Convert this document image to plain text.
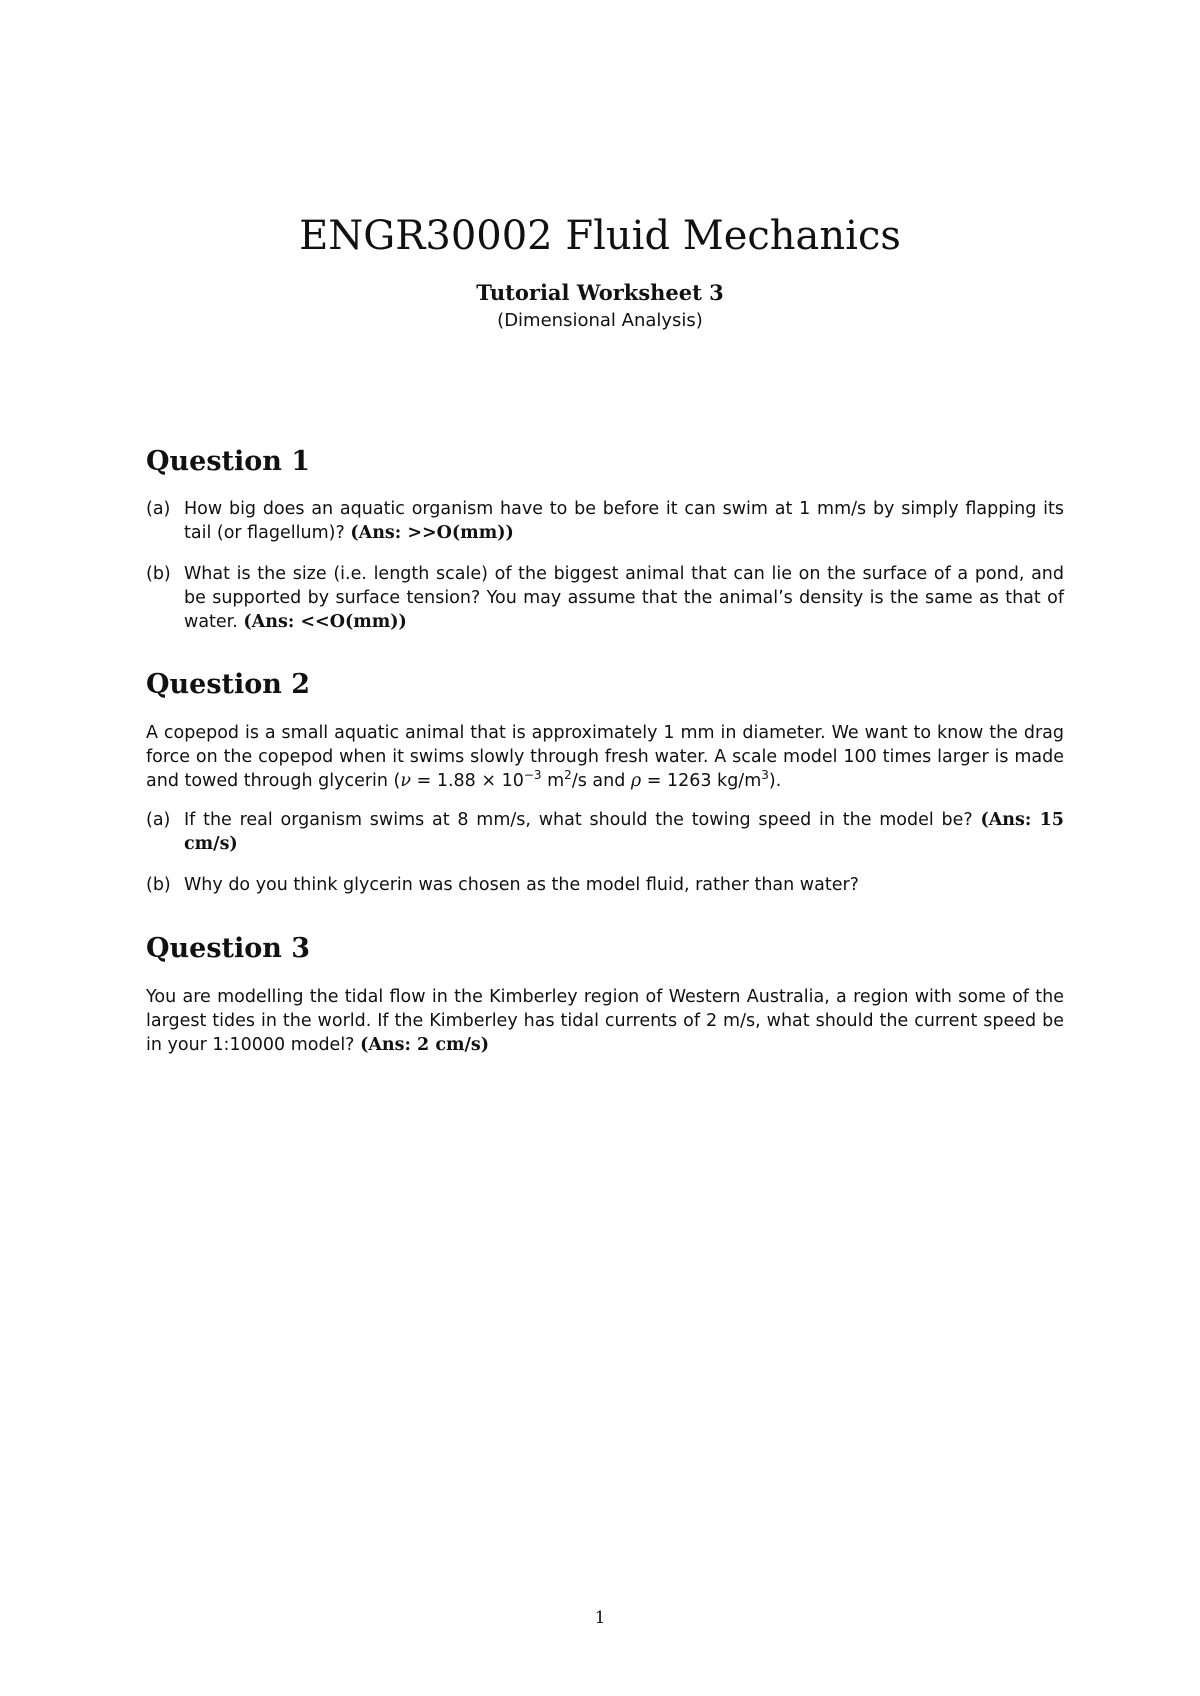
ENGR30002 Fluid Mechanics
Tutorial Worksheet 3
(Dimensional Analysis)
Question 1
(a) How big does an aquatic organism have to be before it can swim at 1 mm/s by simply flapping its tail (or flagellum)? (Ans: >>O(mm))
(b) What is the size (i.e. length scale) of the biggest animal that can lie on the surface of a pond, and be supported by surface tension? You may assume that the animal’s density is the same as that of water. (Ans: <<O(mm))
Question 2
A copepod is a small aquatic animal that is approximately 1 mm in diameter. We want to know the drag force on the copepod when it swims slowly through fresh water. A scale model 100 times larger is made and towed through glycerin ($\nu = 1.88 \times 10^{-3}$ $m^2/s$ and ρ = 1263 $kg/m^3$).
(a) If the real organism swims at 8 mm/s, what should the towing speed in the model be? (Ans: 15 cm/s)
(b) Why do you think glycerin was chosen as the model fluid, rather than water?
Question 3
You are modelling the tidal flow in the Kimberley region of Western Australia, a region with some of the largest tides in the world. If the Kimberley has tidal currents of 2 m/s, what should the current speed be in your 1:10000 model? (Ans: 2 cm/s)
1
